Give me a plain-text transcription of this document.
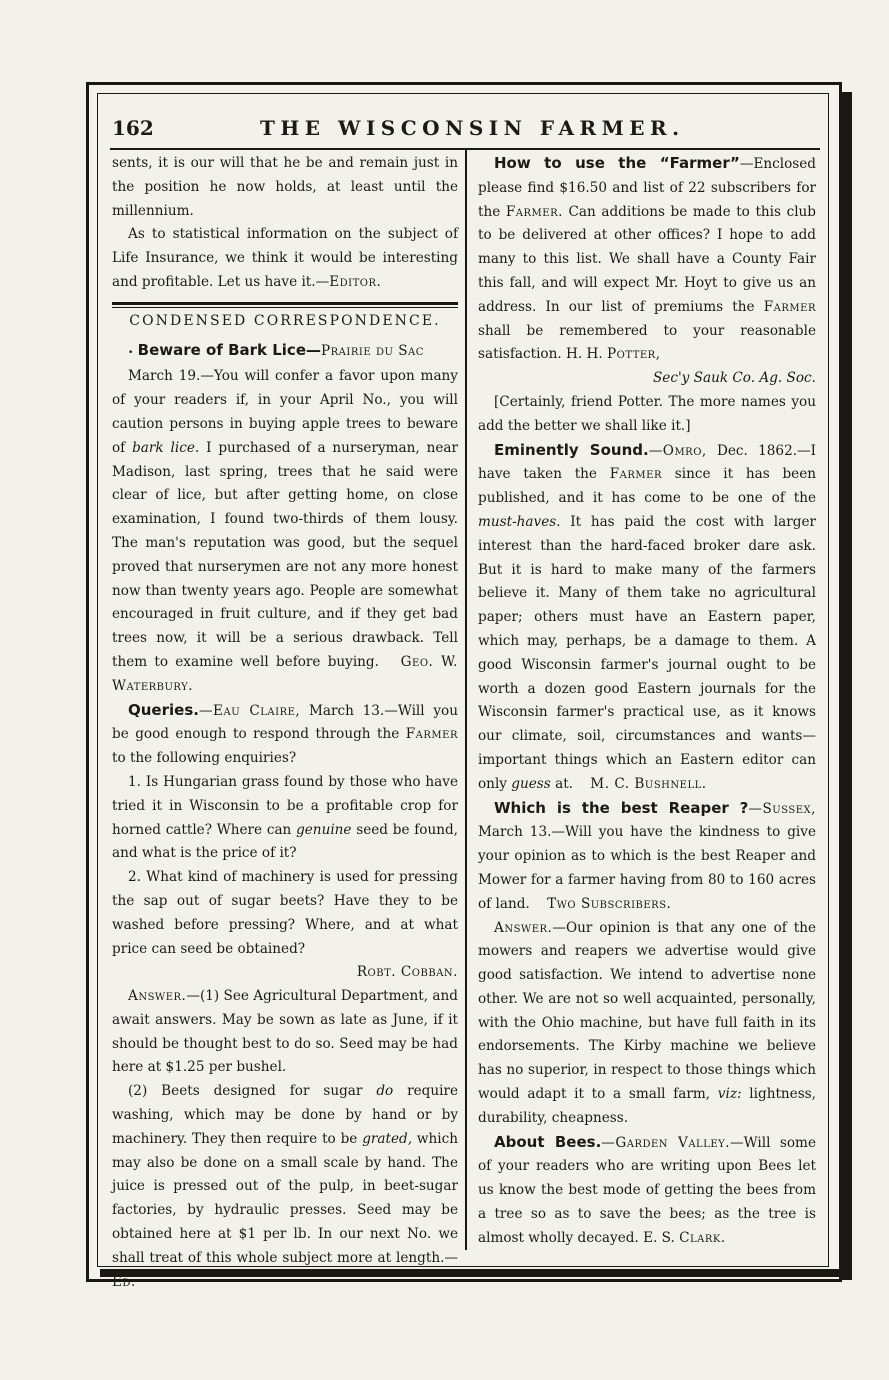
162	THE WISCONSIN FARMER.

sents, it is our will that he be and remain just in the position he now holds, at least until the millennium.

As to statistical information on the subject of Life Insurance, we think it would be interesting and profitable. Let us have it.—Editor.

CONDENSED CORRESPONDENCE.

• Beware of Bark Lice—Prairie du Sac
March 19.—You will confer a favor upon many of your readers if, in your April No., you will caution persons in buying apple trees to beware of bark lice. I purchased of a nurseryman, near Madison, last spring, trees that he said were clear of lice, but after getting home, on close examination, I found two-thirds of them lousy. The man's reputation was good, but the sequel proved that nurserymen are not any more honest now than twenty years ago. People are somewhat encouraged in fruit culture, and if they get bad trees now, it will be a serious drawback. Tell them to examine well before buying. Geo. W. Waterbury.

Queries.—Eau Claire, March 13.—Will you be good enough to respond through the Farmer to the following enquiries?

1. Is Hungarian grass found by those who have tried it in Wisconsin to be a profitable crop for horned cattle? Where can genuine seed be found, and what is the price of it?

2. What kind of machinery is used for pressing the sap out of sugar beets? Have they to be washed before pressing? Where, and at what price can seed be obtained?

Robt. Cobban.

Answer.—(1) See Agricultural Department, and await answers. May be sown as late as June, if it should be thought best to do so. Seed may be had here at $1.25 per bushel.

(2) Beets designed for sugar do require washing, which may be done by hand or by machinery. They then require to be grated, which may also be done on a small scale by hand. The juice is pressed out of the pulp, in beet-sugar factories, by hydraulic presses. Seed may be obtained here at $1 per lb. In our next No. we shall treat of this whole subject more at length.—Ed.

How to use the “Farmer”—Enclosed please find $16.50 and list of 22 subscribers for the Farmer. Can additions be made to this club to be delivered at other offices? I hope to add many to this list. We shall have a County Fair this fall, and will expect Mr. Hoyt to give us an address. In our list of premiums the Farmer shall be remembered to your reasonable satisfaction. H. H. Potter,

Sec'y Sauk Co. Ag. Soc.

[Certainly, friend Potter. The more names you add the better we shall like it.]

Eminently Sound.—Omro, Dec. 1862.—I have taken the Farmer since it has been published, and it has come to be one of the must-haves. It has paid the cost with larger interest than the hard-faced broker dare ask. But it is hard to make many of the farmers believe it. Many of them take no agricultural paper; others must have an Eastern paper, which may, perhaps, be a damage to them. A good Wisconsin farmer's journal ought to be worth a dozen good Eastern journals for the Wisconsin farmer's practical use, as it knows our climate, soil, circumstances and wants—important things which an Eastern editor can only guess at. M. C. Bushnell.

Which is the best Reaper ?—Sussex, March 13.—Will you have the kindness to give your opinion as to which is the best Reaper and Mower for a farmer having from 80 to 160 acres of land. Two Subscribers.

Answer.—Our opinion is that any one of the mowers and reapers we advertise would give good satisfaction. We intend to advertise none other. We are not so well acquainted, personally, with the Ohio machine, but have full faith in its endorsements. The Kirby machine we believe has no superior, in respect to those things which would adapt it to a small farm, viz: lightness, durability, cheapness.

About Bees.—Garden Valley.—Will some of your readers who are writing upon Bees let us know the best mode of getting the bees from a tree so as to save the bees; as the tree is almost wholly decayed. E. S. Clark.
